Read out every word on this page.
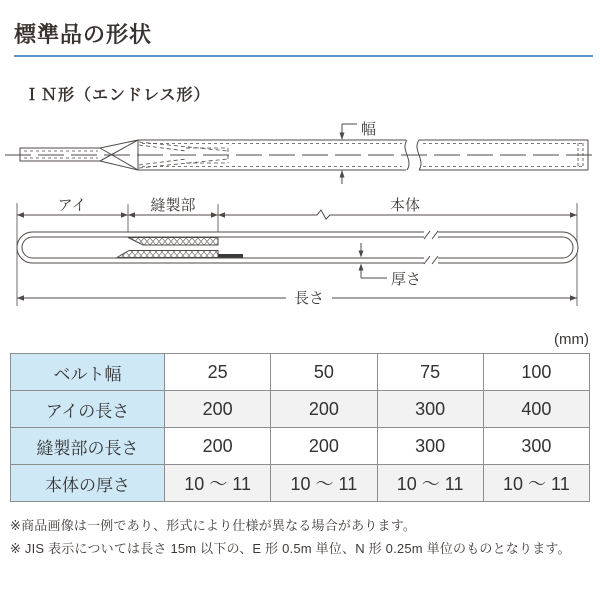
標準品の形状
ＩＮ形（エンドレス形）
幅
アイ	縫製部	本体
厚さ
長さ
(mm)
ベルト幅	25	50	75	100
アイの長さ	200	200	300	400
縫製部の長さ	200	200	300	300
本体の厚さ	10 ～ 11	10 ～ 11	10 ～ 11	10 ～ 11
※商品画像は一例であり、形式により仕様が異なる場合があります。
※ JIS 表示については長さ 15m 以下の、E 形 0.5m 単位、N 形 0.25m 単位のものとなります。
